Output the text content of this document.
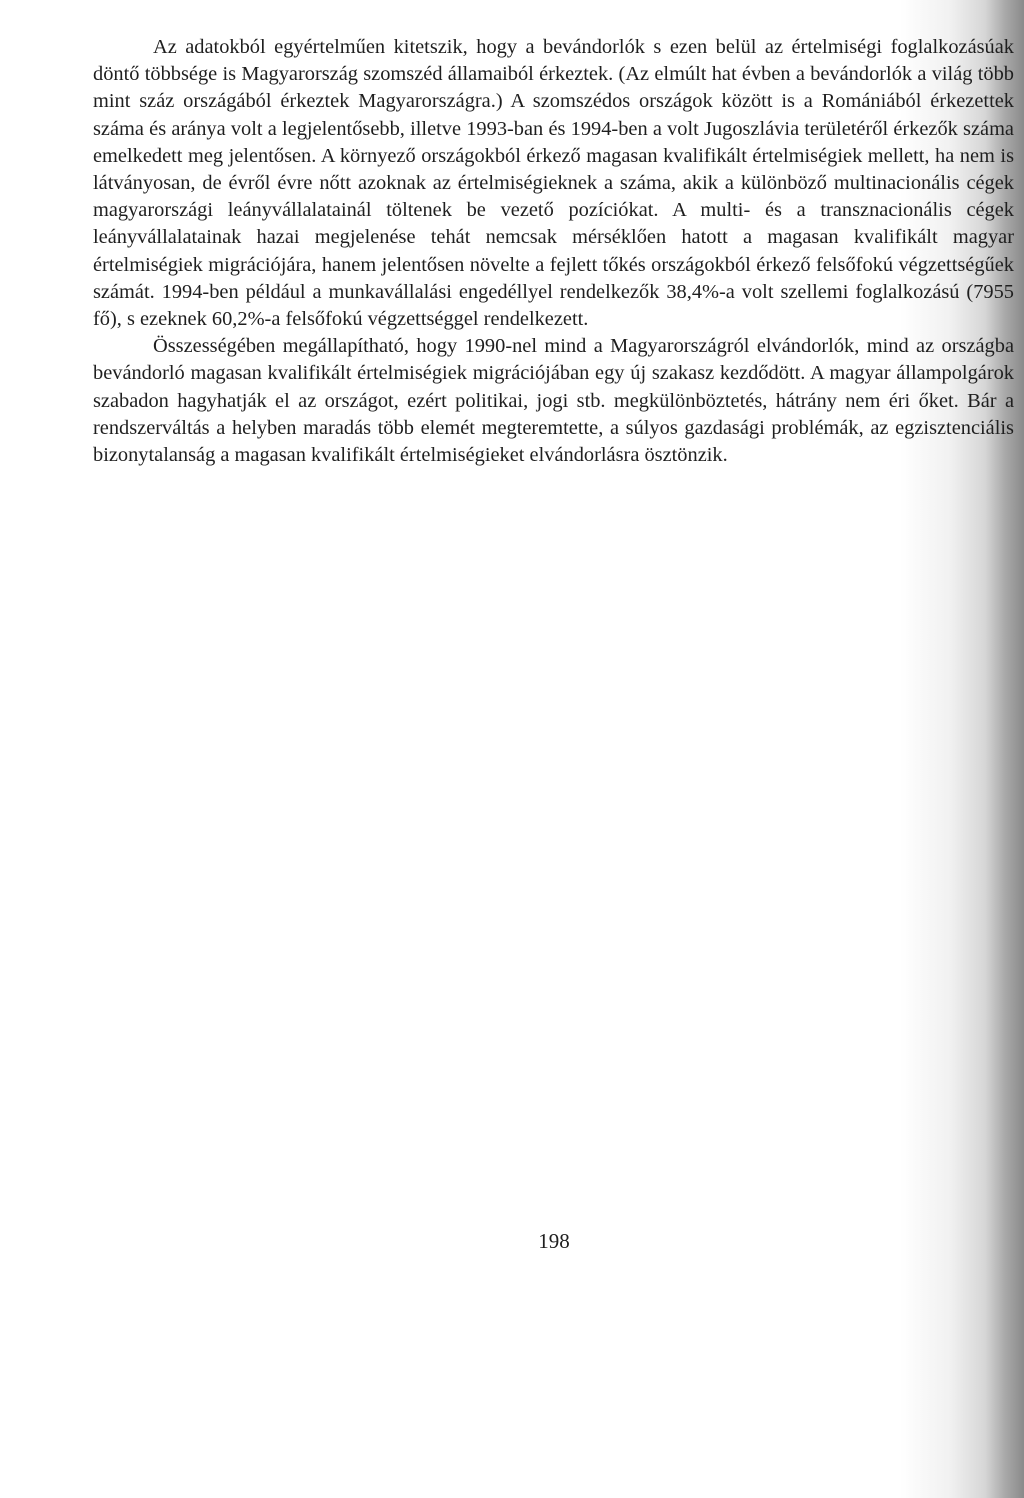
Az adatokból egyértelműen kitetszik, hogy a bevándorlók s ezen belül az értelmiségi foglalkozásúak döntő többsége is Magyarország szomszéd államaiból érkeztek. (Az elmúlt hat évben a bevándorlók a világ több mint száz országából érkeztek Magyarországra.) A szomszédos országok között is a Romániából érkezettek száma és aránya volt a legjelentősebb, illetve 1993-ban és 1994-ben a volt Jugoszlávia területéről érkezők száma emelkedett meg jelentősen. A környező országokból érkező magasan kvalifikált értelmiségiek mellett, ha nem is látványosan, de évről évre nőtt azoknak az értelmiségieknek a száma, akik a különböző multinacionális cégek magyarországi leányvállalatainál töltenek be vezető pozíciókat. A multi- és a transznacionális cégek leányvállalatainak hazai megjelenése tehát nemcsak mérséklően hatott a magasan kvalifikált magyar értelmiségiek migrációjára, hanem jelentősen növelte a fejlett tőkés országokból érkező felsőfokú végzettségűek számát. 1994-ben például a munkavállalási engedéllyel rendelkezők 38,4%-a volt szellemi foglalkozású (7955 fő), s ezeknek 60,2%-a felsőfokú végzettséggel rendelkezett.

Összességében megállapítható, hogy 1990-nel mind a Magyarországról elvándorlók, mind az országba bevándorló magasan kvalifikált értelmiségiek migrációjában egy új szakasz kezdődött. A magyar állampolgárok szabadon hagyhatják el az országot, ezért politikai, jogi stb. megkülönböztetés, hátrány nem éri őket. Bár a rendszerváltás a helyben maradás több elemét megteremtette, a súlyos gazdasági problémák, az egzisztenciális bizonytalanság a magasan kvalifikált értelmiségieket elvándorlásra ösztönzik.

198
